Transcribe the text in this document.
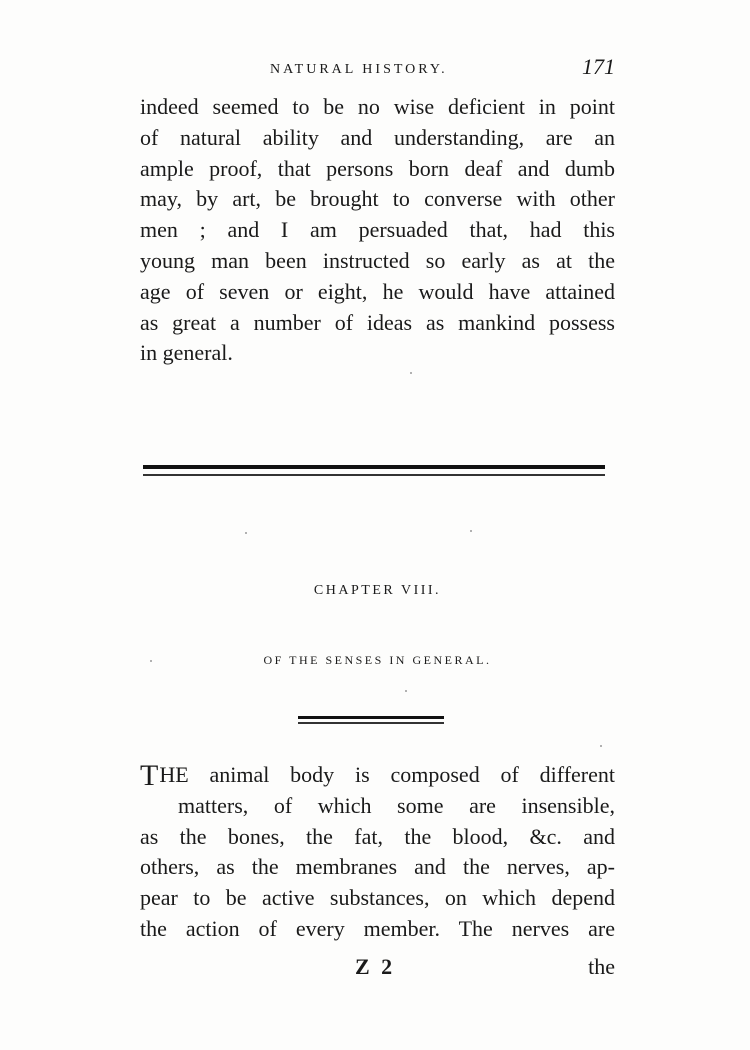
NATURAL HISTORY.	171
indeed seemed to be no wise deficient in point
of natural ability and understanding, are an
ample proof, that persons born deaf and dumb
may, by art, be brought to converse with other
men ; and I am persuaded that, had this
young man been instructed so early as at the
age of seven or eight, he would have attained
as great a number of ideas as mankind possess
in general.
CHAPTER VIII.
OF THE SENSES IN GENERAL.
THE animal body is composed of different
matters, of which some are insensible,
as the bones, the fat, the blood, &c. and
others, as the membranes and the nerves, ap-
pear to be active substances, on which depend
the action of every member. The nerves are
Z 2	the
